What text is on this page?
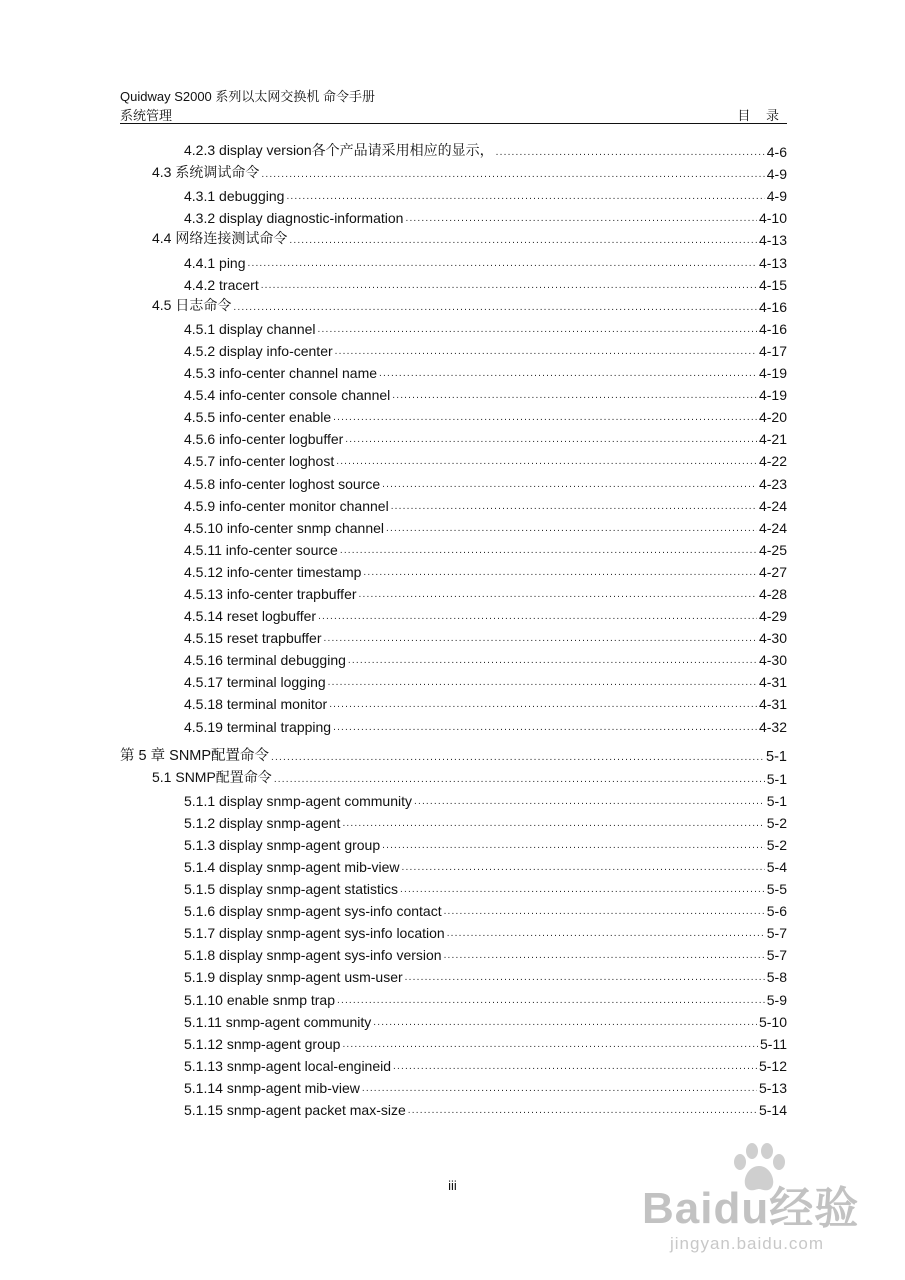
Quidway S2000 系列以太网交换机 命令手册
系统管理	目 录
4.2.3 display version各个产品请采用相应的显示， .....	4-6
4.3 系统调试命令 .....	4-9
4.3.1 debugging .....	4-9
4.3.2 display diagnostic-information .....	4-10
4.4 网络连接测试命令 .....	4-13
4.4.1 ping .....	4-13
4.4.2 tracert .....	4-15
4.5 日志命令 .....	4-16
4.5.1 display channel .....	4-16
4.5.2 display info-center .....	4-17
4.5.3 info-center channel name .....	4-19
4.5.4 info-center console channel .....	4-19
4.5.5 info-center enable .....	4-20
4.5.6 info-center logbuffer .....	4-21
4.5.7 info-center loghost .....	4-22
4.5.8 info-center loghost source .....	4-23
4.5.9 info-center monitor channel .....	4-24
4.5.10 info-center snmp channel .....	4-24
4.5.11 info-center source .....	4-25
4.5.12 info-center timestamp .....	4-27
4.5.13 info-center trapbuffer .....	4-28
4.5.14 reset logbuffer .....	4-29
4.5.15 reset trapbuffer .....	4-30
4.5.16 terminal debugging .....	4-30
4.5.17 terminal logging .....	4-31
4.5.18 terminal monitor .....	4-31
4.5.19 terminal trapping .....	4-32
第 5 章 SNMP配置命令 .....	5-1
5.1 SNMP配置命令 .....	5-1
5.1.1 display snmp-agent community .....	5-1
5.1.2 display snmp-agent .....	5-2
5.1.3 display snmp-agent group .....	5-2
5.1.4 display snmp-agent mib-view .....	5-4
5.1.5 display snmp-agent statistics .....	5-5
5.1.6 display snmp-agent sys-info contact .....	5-6
5.1.7 display snmp-agent sys-info location .....	5-7
5.1.8 display snmp-agent sys-info version .....	5-7
5.1.9 display snmp-agent usm-user .....	5-8
5.1.10 enable snmp trap .....	5-9
5.1.11 snmp-agent community .....	5-10
5.1.12 snmp-agent group .....	5-11
5.1.13 snmp-agent local-engineid .....	5-12
5.1.14 snmp-agent mib-view .....	5-13
5.1.15 snmp-agent packet max-size .....	5-14
iii	Baidu经验
jingyan.baidu.com
